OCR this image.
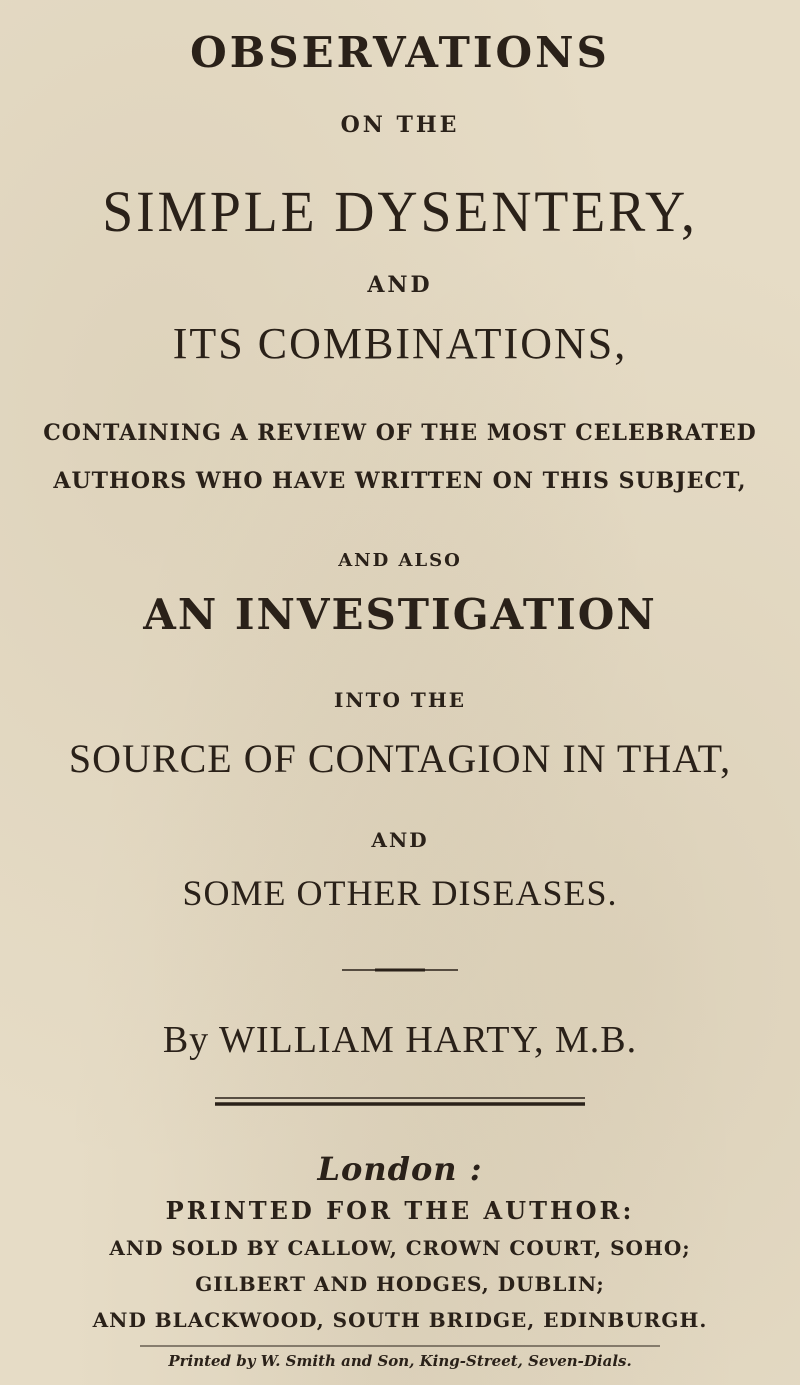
OBSERVATIONS
ON THE
SIMPLE DYSENTERY,
AND
ITS COMBINATIONS,
CONTAINING A REVIEW OF THE MOST CELEBRATED
AUTHORS WHO HAVE WRITTEN ON THIS SUBJECT,
AND ALSO
AN INVESTIGATION
INTO THE
SOURCE OF CONTAGION IN THAT,
AND
SOME OTHER DISEASES.
By WILLIAM HARTY, M.B.
London :
PRINTED FOR THE AUTHOR:
AND SOLD BY CALLOW, CROWN COURT, SOHO;
GILBERT AND HODGES, DUBLIN;
AND BLACKWOOD, SOUTH BRIDGE, EDINBURGH.
Printed by W. Smith and Son, King-Street, Seven-Dials.
